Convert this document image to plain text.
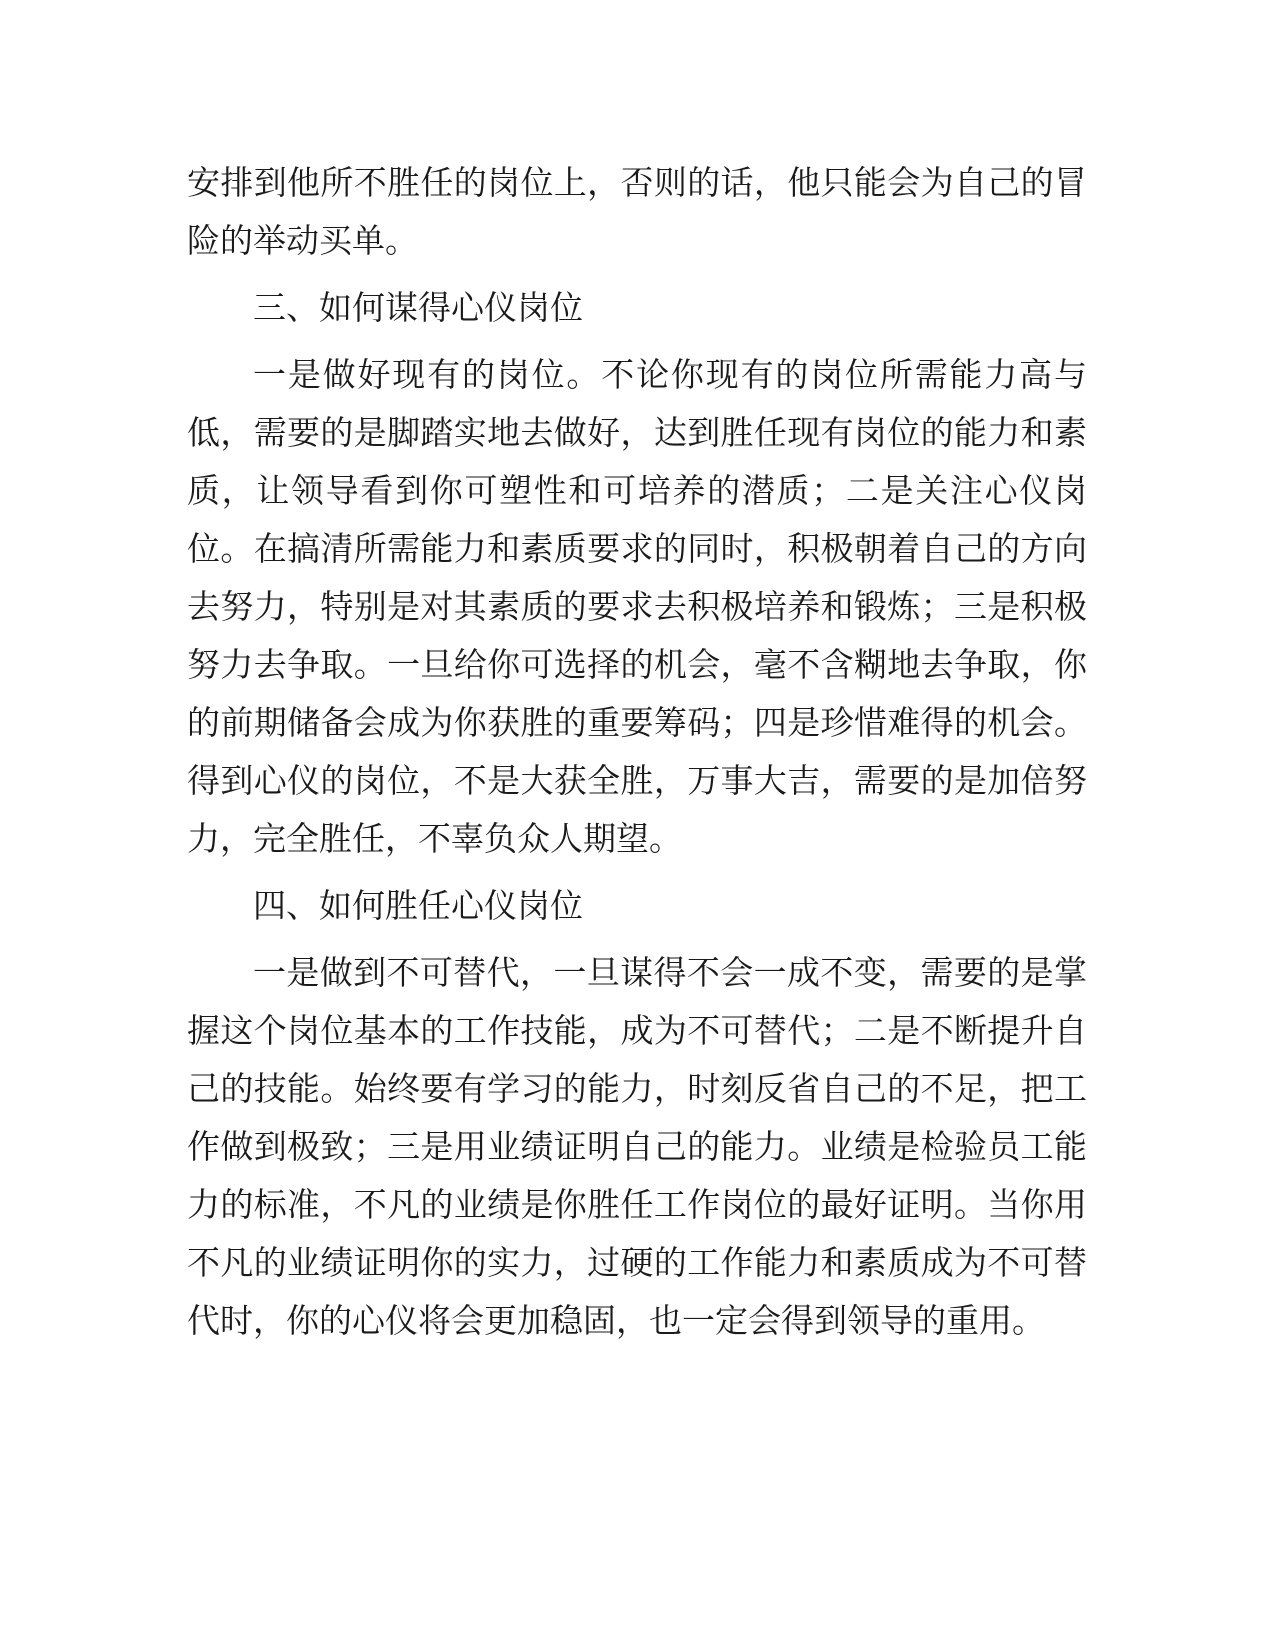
安排到他所不胜任的岗位上，否则的话，他只能会为自己的冒险的举动买单。

三、如何谋得心仪岗位

一是做好现有的岗位。不论你现有的岗位所需能力高与低，需要的是脚踏实地去做好，达到胜任现有岗位的能力和素质，让领导看到你可塑性和可培养的潜质；二是关注心仪岗位。在搞清所需能力和素质要求的同时，积极朝着自己的方向去努力，特别是对其素质的要求去积极培养和锻炼；三是积极努力去争取。一旦给你可选择的机会，毫不含糊地去争取，你的前期储备会成为你获胜的重要筹码；四是珍惜难得的机会。得到心仪的岗位，不是大获全胜，万事大吉，需要的是加倍努力，完全胜任，不辜负众人期望。

四、如何胜任心仪岗位

一是做到不可替代，一旦谋得不会一成不变，需要的是掌握这个岗位基本的工作技能，成为不可替代；二是不断提升自己的技能。始终要有学习的能力，时刻反省自己的不足，把工作做到极致；三是用业绩证明自己的能力。业绩是检验员工能力的标准，不凡的业绩是你胜任工作岗位的最好证明。当你用不凡的业绩证明你的实力，过硬的工作能力和素质成为不可替代时，你的心仪将会更加稳固，也一定会得到领导的重用。
